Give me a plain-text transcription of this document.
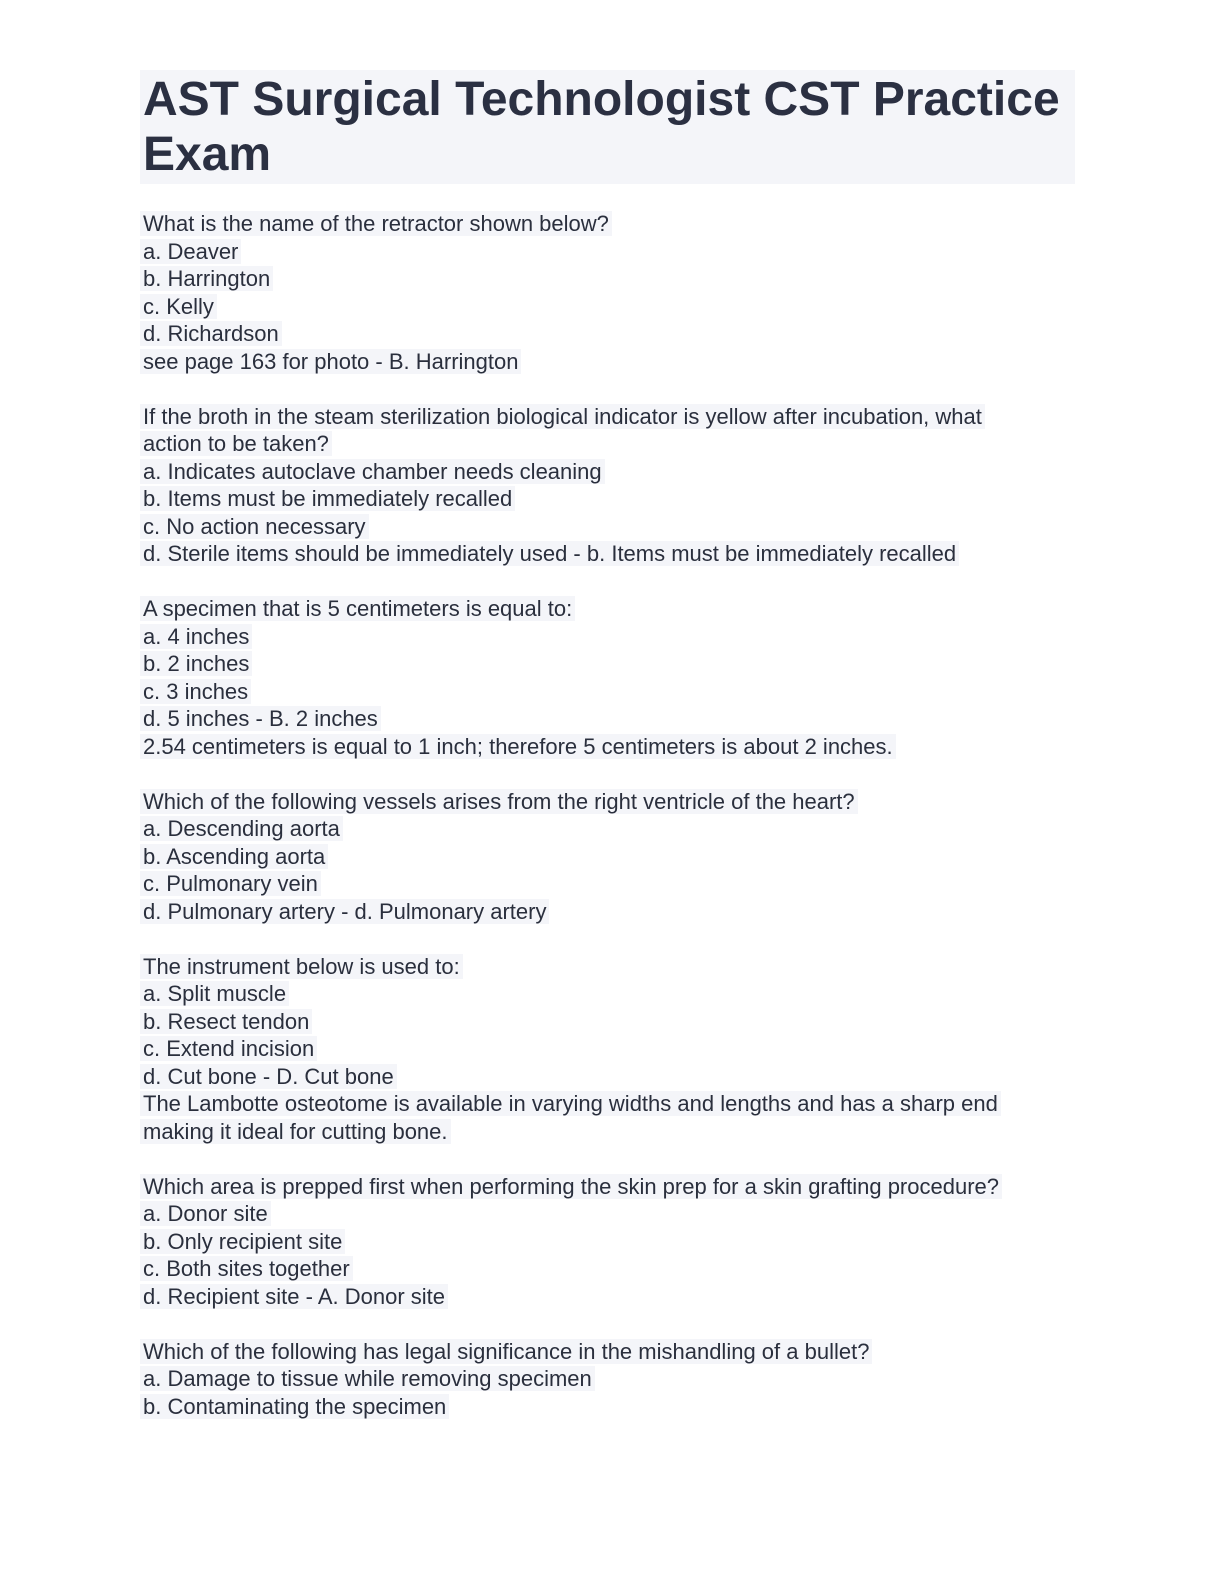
AST Surgical Technologist CST Practice Exam
What is the name of the retractor shown below?
a. Deaver
b. Harrington
c. Kelly
d. Richardson
see page 163 for photo - B. Harrington
If the broth in the steam sterilization biological indicator is yellow after incubation, what
action to be taken?
a. Indicates autoclave chamber needs cleaning
b. Items must be immediately recalled
c. No action necessary
d. Sterile items should be immediately used - b. Items must be immediately recalled
A specimen that is 5 centimeters is equal to:
a. 4 inches
b. 2 inches
c. 3 inches
d. 5 inches - B. 2 inches
2.54 centimeters is equal to 1 inch; therefore 5 centimeters is about 2 inches.
Which of the following vessels arises from the right ventricle of the heart?
a. Descending aorta
b. Ascending aorta
c. Pulmonary vein
d. Pulmonary artery - d. Pulmonary artery
The instrument below is used to:
a. Split muscle
b. Resect tendon
c. Extend incision
d. Cut bone - D. Cut bone
The Lambotte osteotome is available in varying widths and lengths and has a sharp end
making it ideal for cutting bone.
Which area is prepped first when performing the skin prep for a skin grafting procedure?
a. Donor site
b. Only recipient site
c. Both sites together
d. Recipient site - A. Donor site
Which of the following has legal significance in the mishandling of a bullet?
a. Damage to tissue while removing specimen
b. Contaminating the specimen
